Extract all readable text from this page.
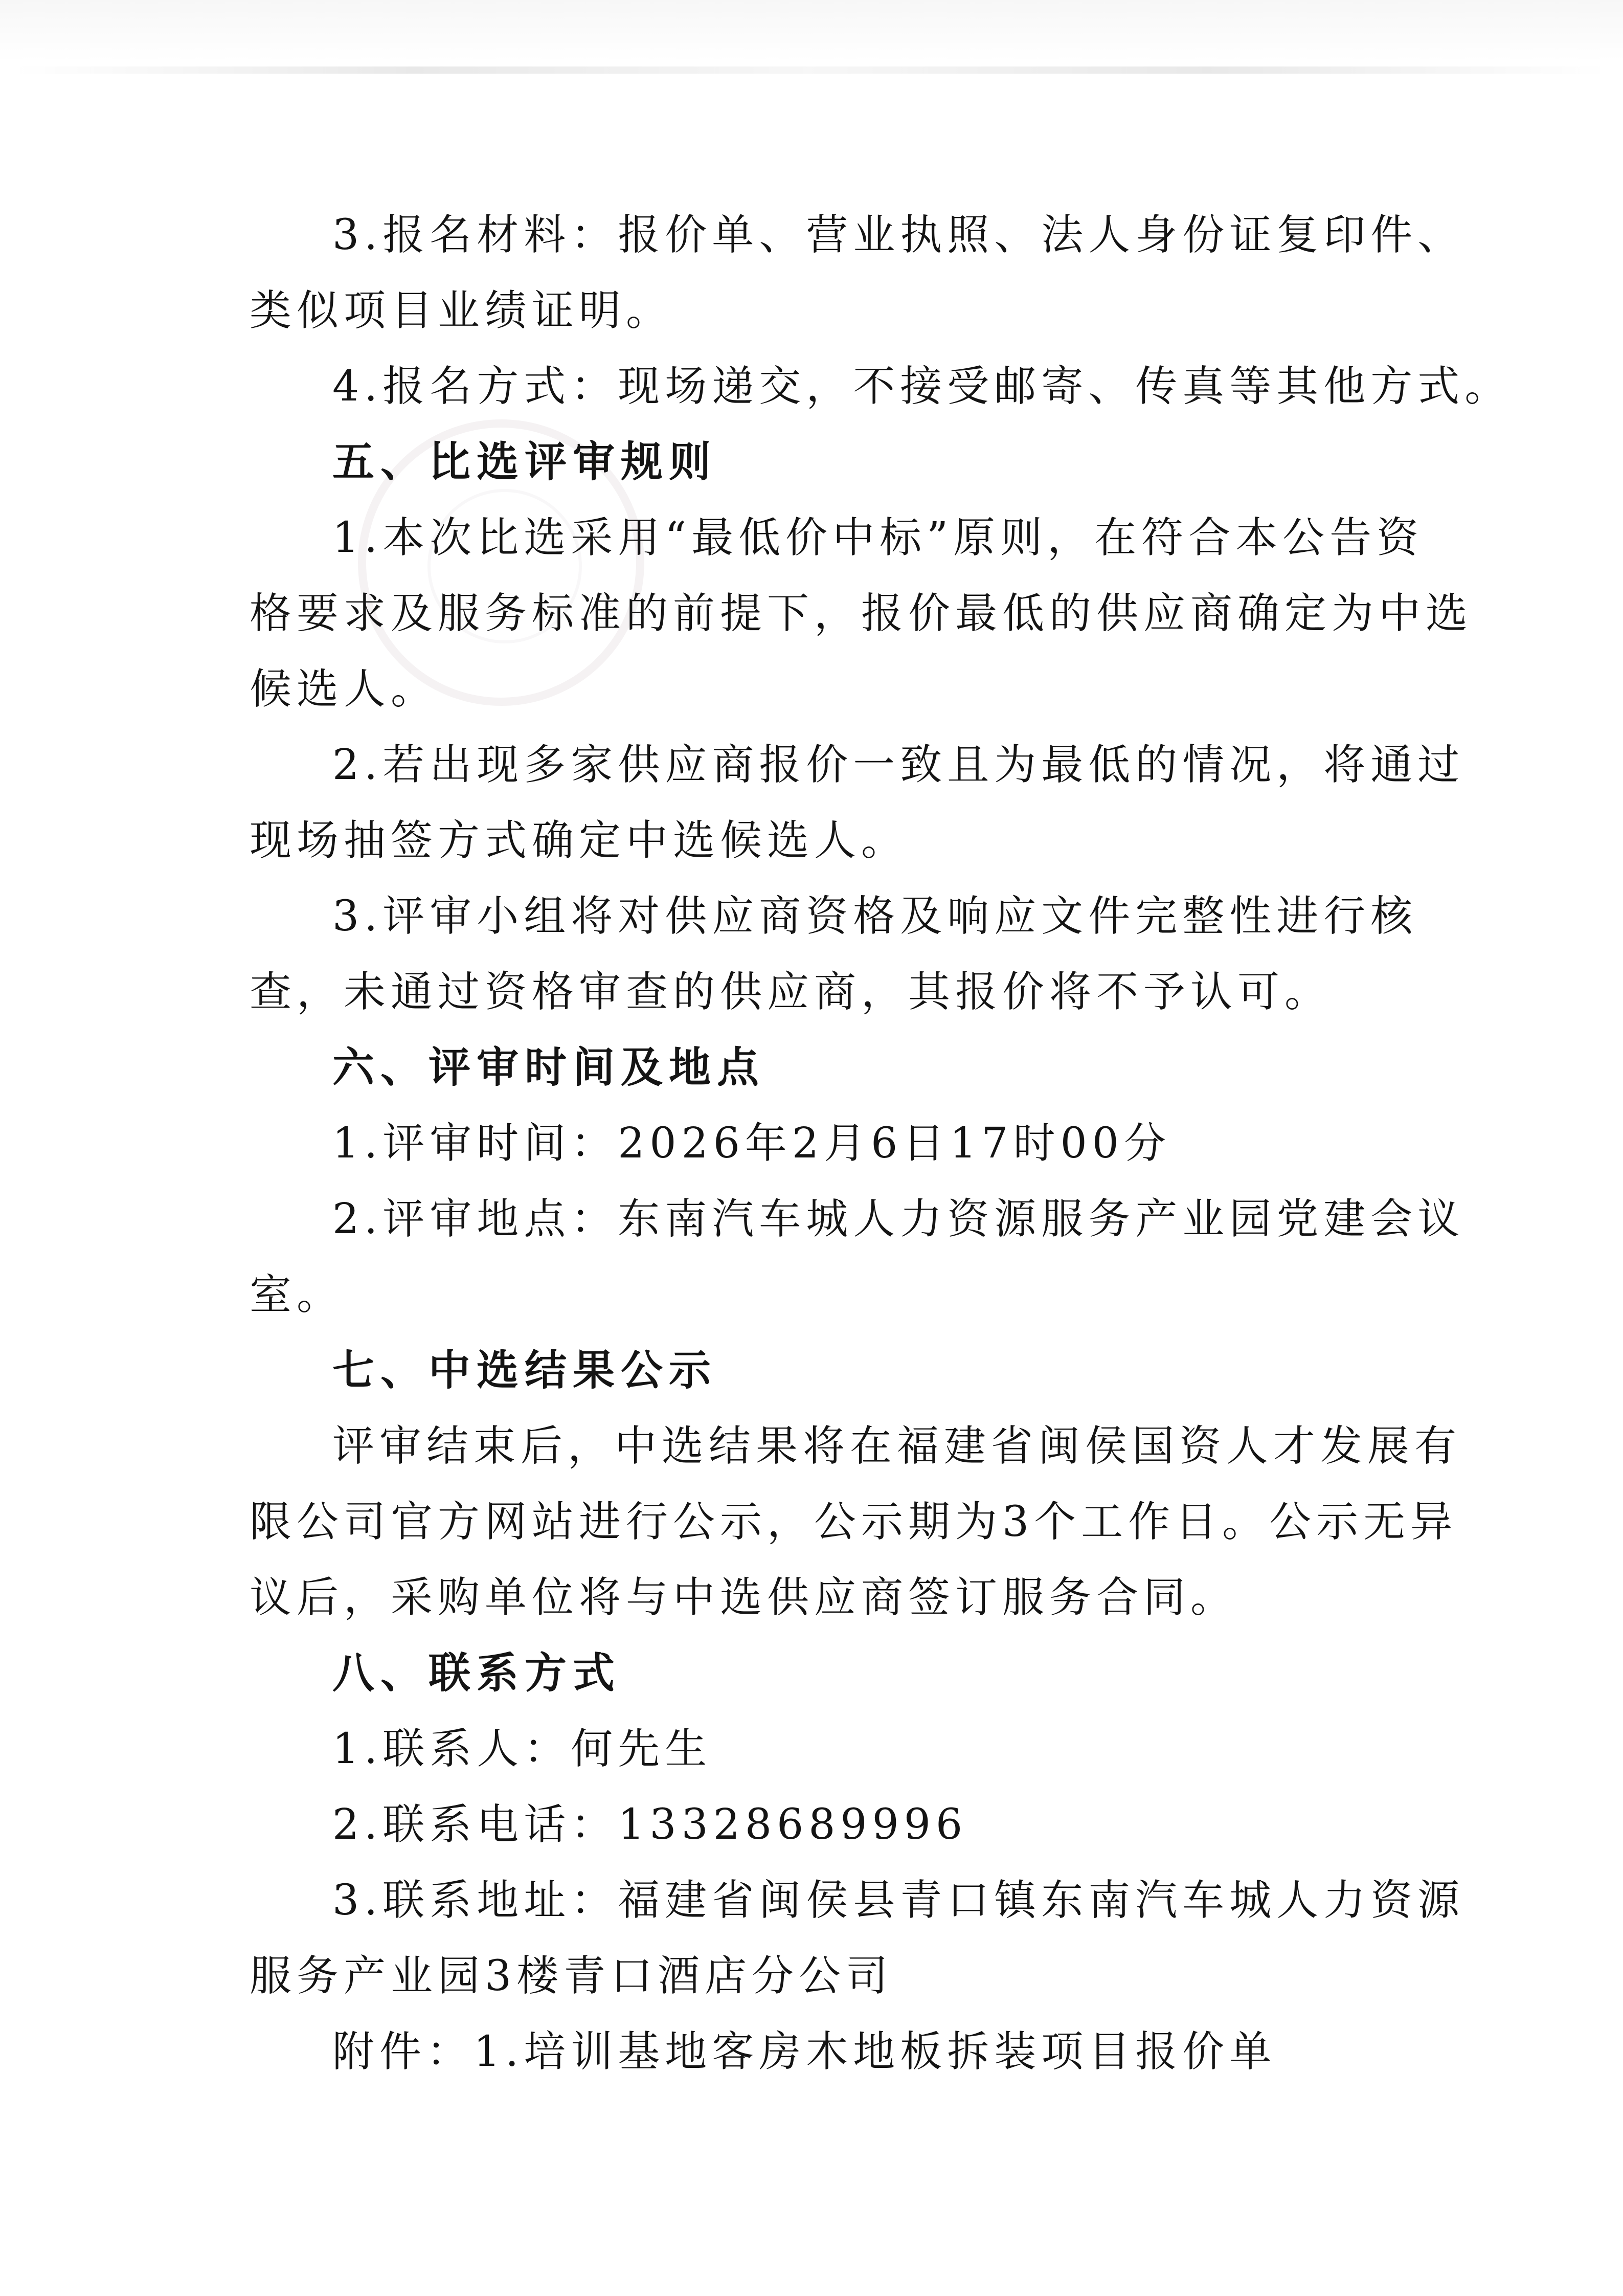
3.报名材料：报价单、营业执照、法人身份证复印件、
类似项目业绩证明。
4.报名方式：现场递交，不接受邮寄、传真等其他方式。
五、比选评审规则
1.本次比选采用“最低价中标”原则，在符合本公告资
格要求及服务标准的前提下，报价最低的供应商确定为中选
候选人。
2.若出现多家供应商报价一致且为最低的情况，将通过
现场抽签方式确定中选候选人。
3.评审小组将对供应商资格及响应文件完整性进行核
查，未通过资格审查的供应商，其报价将不予认可。
六、评审时间及地点
1.评审时间：2026年2月6日17时00分
2.评审地点：东南汽车城人力资源服务产业园党建会议
室。
七、中选结果公示
评审结束后，中选结果将在福建省闽侯国资人才发展有
限公司官方网站进行公示，公示期为3个工作日。公示无异
议后，采购单位将与中选供应商签订服务合同。
八、联系方式
1.联系人：何先生
2.联系电话：13328689996
3.联系地址：福建省闽侯县青口镇东南汽车城人力资源
服务产业园3楼青口酒店分公司
附件：1.培训基地客房木地板拆装项目报价单
